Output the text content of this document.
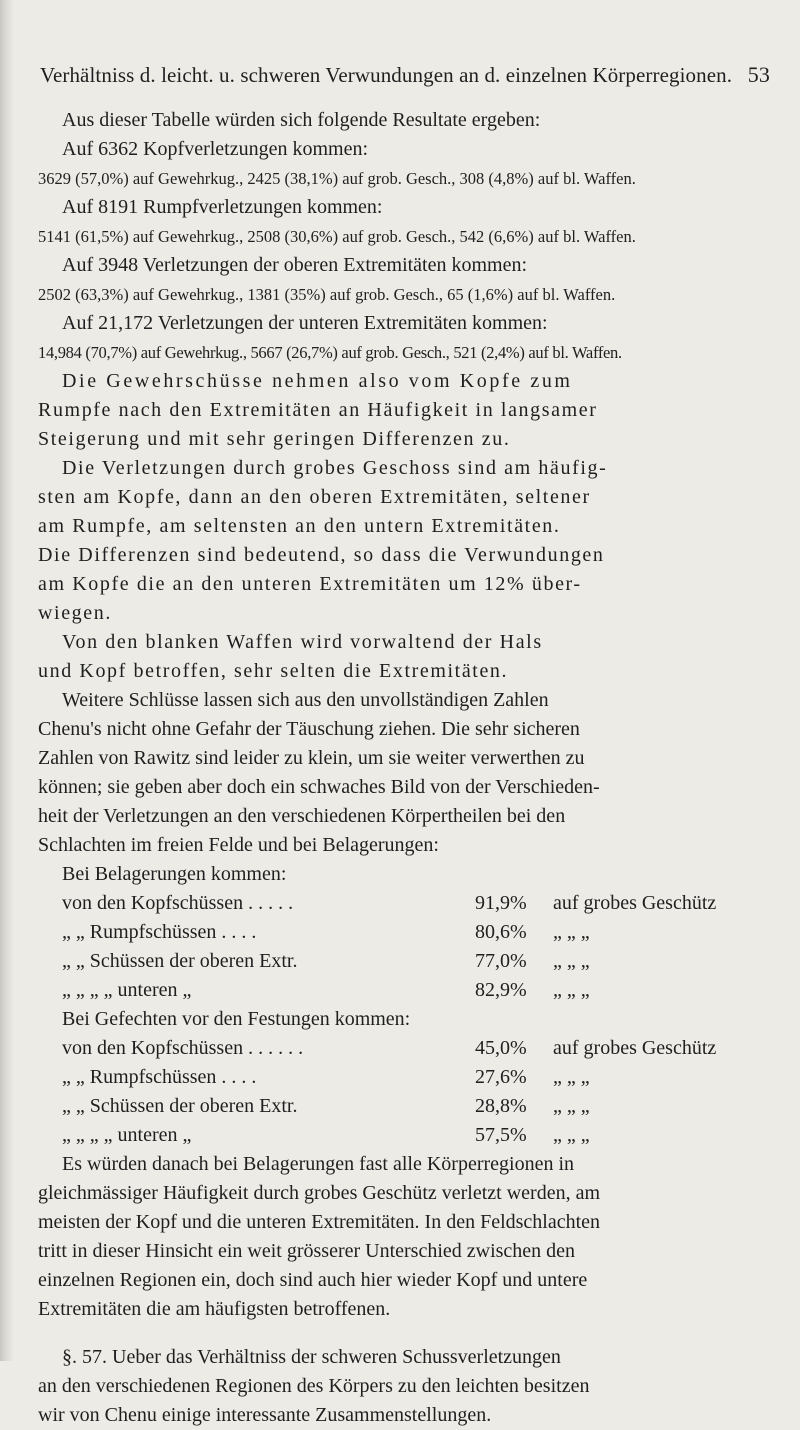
Verhältniss d. leicht. u. schweren Verwundungen an d. einzelnen Körperregionen. 53
Aus dieser Tabelle würden sich folgende Resultate ergeben:
Auf 6362 Kopfverletzungen kommen:
3629 (57,0%) auf Gewehrkug., 2425 (38,1%) auf grob. Gesch., 308 (4,8%) auf bl. Waffen.
Auf 8191 Rumpfverletzungen kommen:
5141 (61,5%) auf Gewehrkug., 2508 (30,6%) auf grob. Gesch., 542 (6,6%) auf bl. Waffen.
Auf 3948 Verletzungen der oberen Extremitäten kommen:
2502 (63,3%) auf Gewehrkug., 1381 (35%) auf grob. Gesch., 65 (1,6%) auf bl. Waffen.
Auf 21,172 Verletzungen der unteren Extremitäten kommen:
14,984 (70,7%) auf Gewehrkug., 5667 (26,7%) auf grob. Gesch., 521 (2,4%) auf bl. Waffen.
Die Gewehrschüsse nehmen also vom Kopfe zum
Rumpfe nach den Extremitäten an Häufigkeit in langsamer
Steigerung und mit sehr geringen Differenzen zu.
Die Verletzungen durch grobes Geschoss sind am häufig-
sten am Kopfe, dann an den oberen Extremitäten, seltener
am Rumpfe, am seltensten an den untern Extremitäten.
Die Differenzen sind bedeutend, so dass die Verwundungen
am Kopfe die an den unteren Extremitäten um 12% über-
wiegen.
Von den blanken Waffen wird vorwaltend der Hals
und Kopf betroffen, sehr selten die Extremitäten.
Weitere Schlüsse lassen sich aus den unvollständigen Zahlen
Chenu's nicht ohne Gefahr der Täuschung ziehen. Die sehr sicheren
Zahlen von Rawitz sind leider zu klein, um sie weiter verwerthen zu
können; sie geben aber doch ein schwaches Bild von der Verschieden-
heit der Verletzungen an den verschiedenen Körpertheilen bei den
Schlachten im freien Felde und bei Belagerungen:
Bei Belagerungen kommen:
von den Kopfschüssen . . . . .	91,9%	auf grobes Geschütz
„ „ Rumpfschüssen . . . .	80,6%	„ „ „
„ „ Schüssen der oberen Extr.	77,0%	„ „ „
„ „ „ „ unteren „	82,9%	„ „ „
Bei Gefechten vor den Festungen kommen:
von den Kopfschüssen . . . . . .	45,0%	auf grobes Geschütz
„ „ Rumpfschüssen . . . .	27,6%	„ „ „
„ „ Schüssen der oberen Extr.	28,8%	„ „ „
„ „ „ „ unteren „	57,5%	„ „ „
Es würden danach bei Belagerungen fast alle Körperregionen in
gleichmässiger Häufigkeit durch grobes Geschütz verletzt werden, am
meisten der Kopf und die unteren Extremitäten. In den Feldschlachten
tritt in dieser Hinsicht ein weit grösserer Unterschied zwischen den
einzelnen Regionen ein, doch sind auch hier wieder Kopf und untere
Extremitäten die am häufigsten betroffenen.
§. 57. Ueber das Verhältniss der schweren Schussverletzungen
an den verschiedenen Regionen des Körpers zu den leichten besitzen
wir von Chenu einige interessante Zusammenstellungen.
